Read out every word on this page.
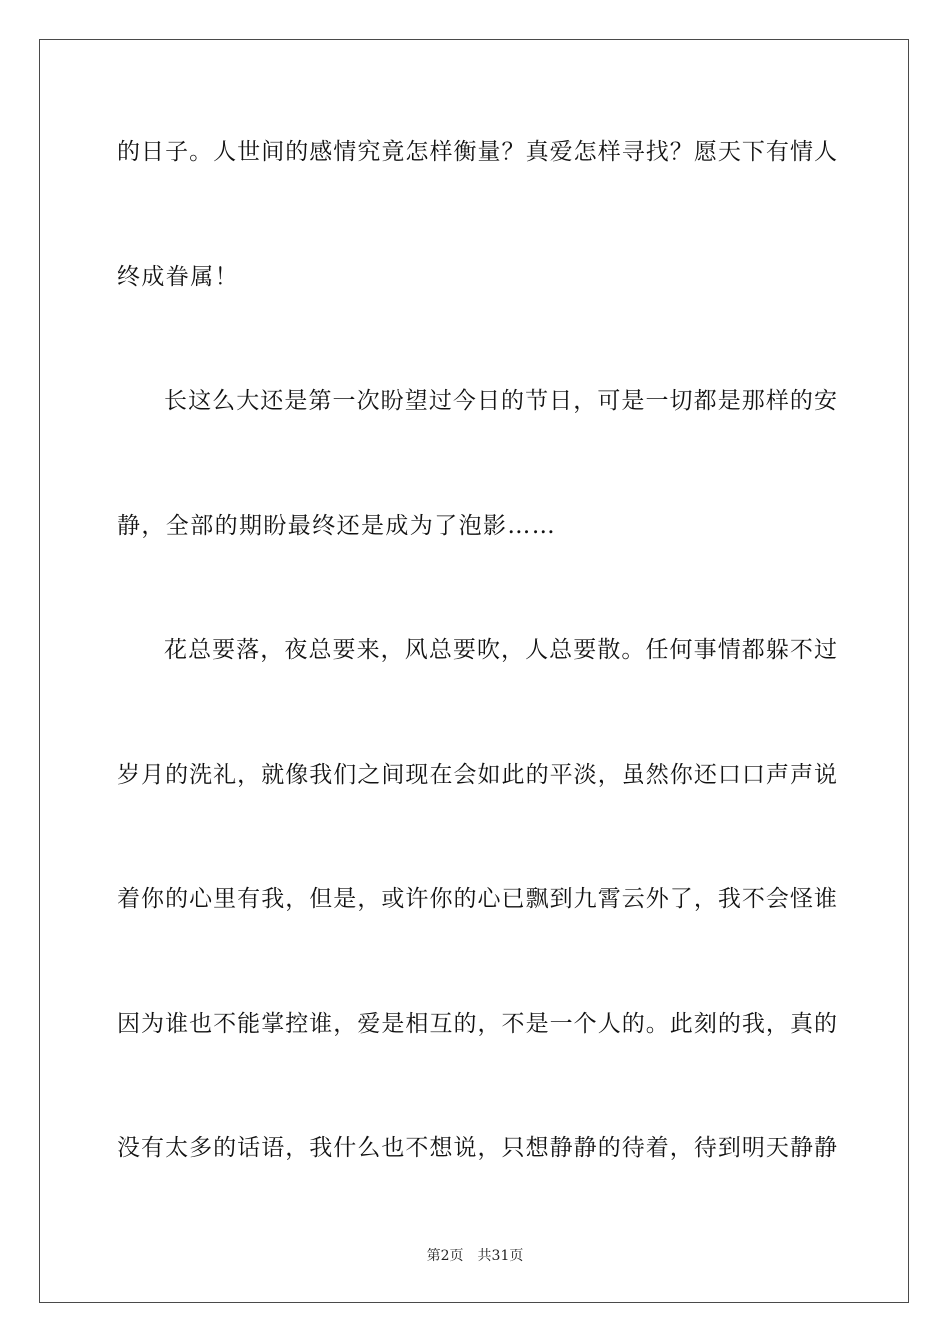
的日子。人世间的感情究竟怎样衡量？真爱怎样寻找？愿天下有情人
终成眷属！
长这么大还是第一次盼望过今日的节日，可是一切都是那样的安
静，全部的期盼最终还是成为了泡影……
花总要落，夜总要来，风总要吹，人总要散。任何事情都躲不过
岁月的洗礼，就像我们之间现在会如此的平淡，虽然你还口口声声说
着你的心里有我，但是，或许你的心已飘到九霄云外了，我不会怪谁
因为谁也不能掌控谁，爱是相互的，不是一个人的。此刻的我，真的
没有太多的话语，我什么也不想说，只想静静的待着，待到明天静静
第2页 共31页
